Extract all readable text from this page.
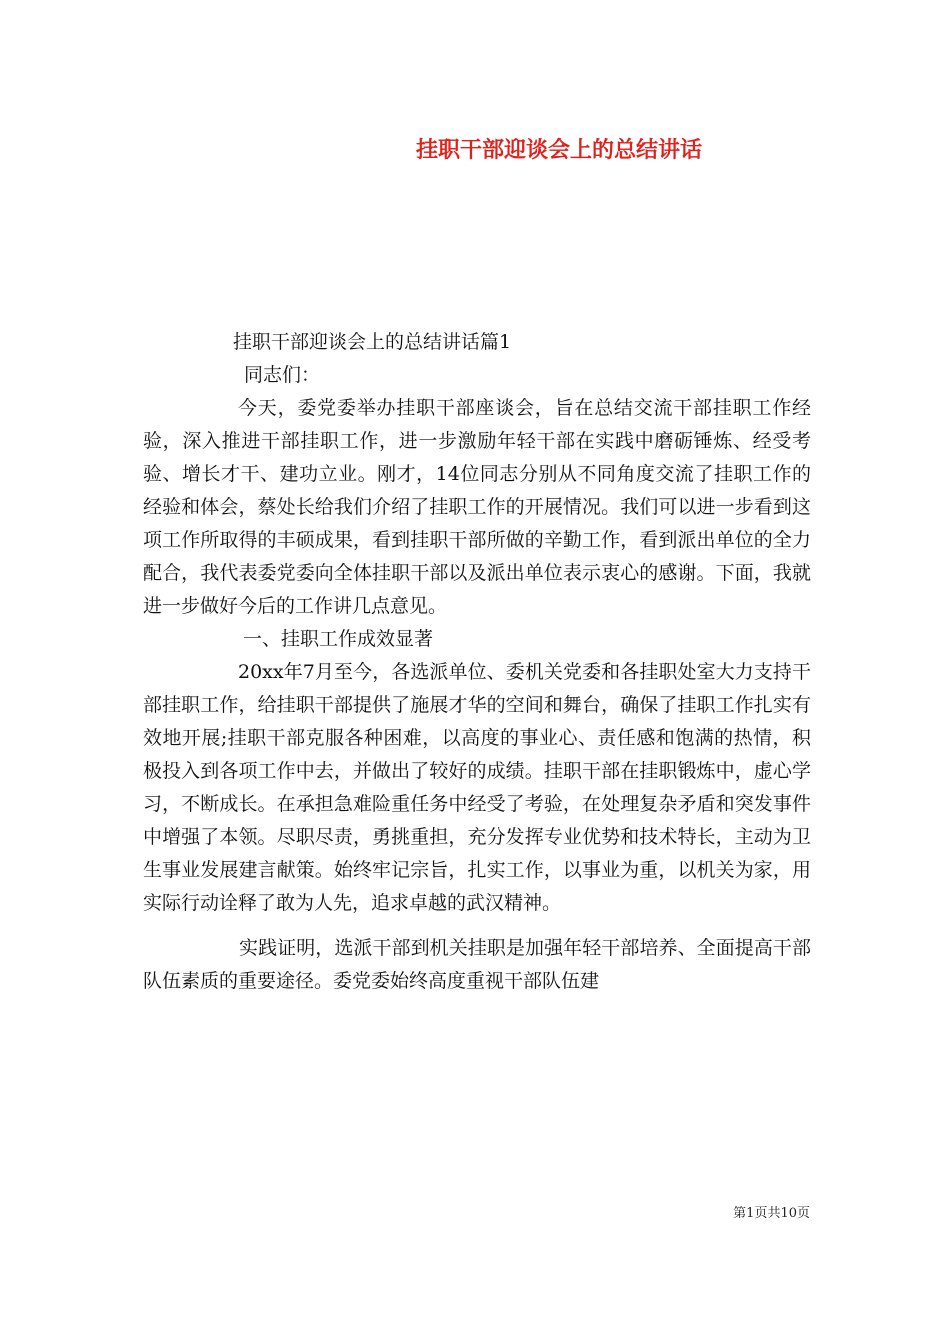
挂职干部迎谈会上的总结讲话

挂职干部迎谈会上的总结讲话篇1

同志们：

今天，委党委举办挂职干部座谈会，旨在总结交流干部挂职工作经验，深入推进干部挂职工作，进一步激励年轻干部在实践中磨砺锤炼、经受考验、增长才干、建功立业。刚才，14位同志分别从不同角度交流了挂职工作的经验和体会，蔡处长给我们介绍了挂职工作的开展情况。我们可以进一步看到这项工作所取得的丰硕成果，看到挂职干部所做的辛勤工作，看到派出单位的全力配合，我代表委党委向全体挂职干部以及派出单位表示衷心的感谢。下面，我就进一步做好今后的工作讲几点意见。

一、挂职工作成效显著

20xx年7月至今，各选派单位、委机关党委和各挂职处室大力支持干部挂职工作，给挂职干部提供了施展才华的空间和舞台，确保了挂职工作扎实有效地开展;挂职干部克服各种困难，以高度的事业心、责任感和饱满的热情，积极投入到各项工作中去，并做出了较好的成绩。挂职干部在挂职锻炼中，虚心学习，不断成长。在承担急难险重任务中经受了考验，在处理复杂矛盾和突发事件中增强了本领。尽职尽责，勇挑重担，充分发挥专业优势和技术特长，主动为卫生事业发展建言献策。始终牢记宗旨，扎实工作，以事业为重，以机关为家，用实际行动诠释了敢为人先，追求卓越的武汉精神。

实践证明，选派干部到机关挂职是加强年轻干部培养、全面提高干部队伍素质的重要途径。委党委始终高度重视干部队伍建

第1页共10页
